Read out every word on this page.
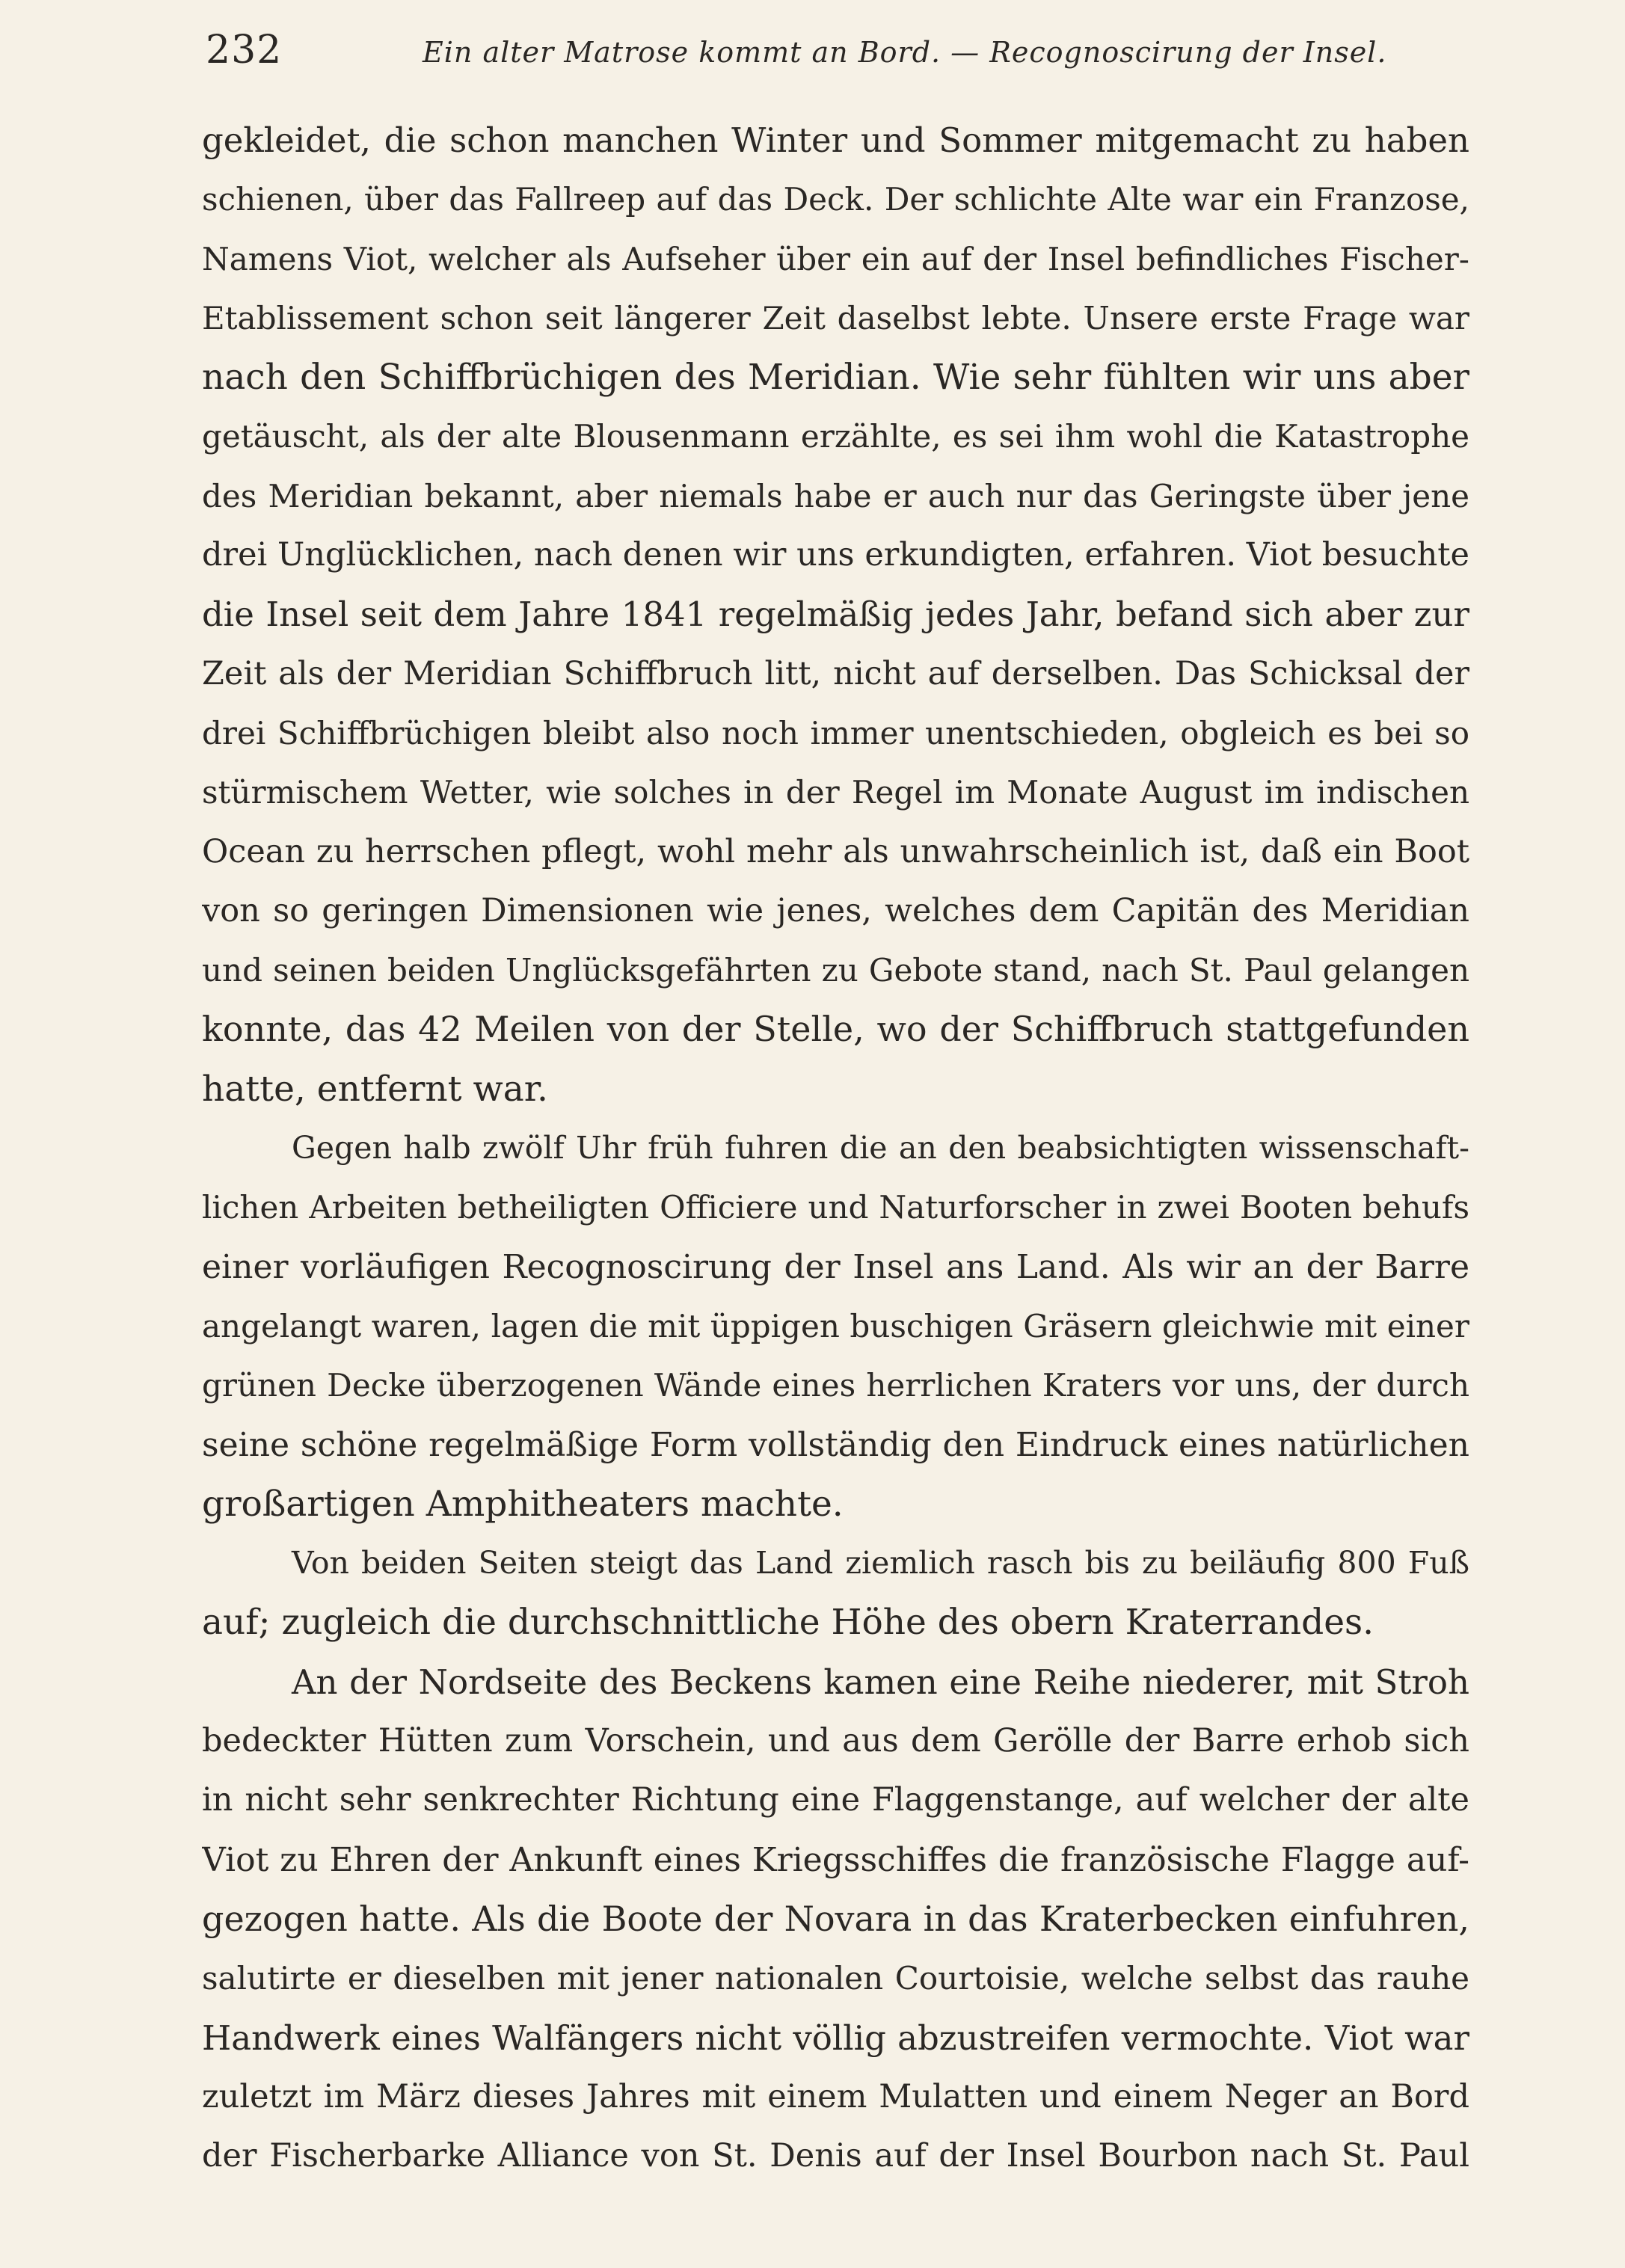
232	Ein alter Matrose kommt an Bord. — Recognoscirung der Insel.
gekleidet, die schon manchen Winter und Sommer mitgemacht zu haben
schienen, über das Fallreep auf das Deck. Der schlichte Alte war ein Franzose,
Namens Viot, welcher als Aufseher über ein auf der Insel befindliches Fischer-
Etablissement schon seit längerer Zeit daselbst lebte. Unsere erste Frage war
nach den Schiffbrüchigen des Meridian. Wie sehr fühlten wir uns aber
getäuscht, als der alte Blousenmann erzählte, es sei ihm wohl die Katastrophe
des Meridian bekannt, aber niemals habe er auch nur das Geringste über jene
drei Unglücklichen, nach denen wir uns erkundigten, erfahren. Viot besuchte
die Insel seit dem Jahre 1841 regelmäßig jedes Jahr, befand sich aber zur
Zeit als der Meridian Schiffbruch litt, nicht auf derselben. Das Schicksal der
drei Schiffbrüchigen bleibt also noch immer unentschieden, obgleich es bei so
stürmischem Wetter, wie solches in der Regel im Monate August im indischen
Ocean zu herrschen pflegt, wohl mehr als unwahrscheinlich ist, daß ein Boot
von so geringen Dimensionen wie jenes, welches dem Capitän des Meridian
und seinen beiden Unglücksgefährten zu Gebote stand, nach St. Paul gelangen
konnte, das 42 Meilen von der Stelle, wo der Schiffbruch stattgefunden
hatte, entfernt war.
Gegen halb zwölf Uhr früh fuhren die an den beabsichtigten wissenschaft-
lichen Arbeiten betheiligten Officiere und Naturforscher in zwei Booten behufs
einer vorläufigen Recognoscirung der Insel ans Land. Als wir an der Barre
angelangt waren, lagen die mit üppigen buschigen Gräsern gleichwie mit einer
grünen Decke überzogenen Wände eines herrlichen Kraters vor uns, der durch
seine schöne regelmäßige Form vollständig den Eindruck eines natürlichen
großartigen Amphitheaters machte.
Von beiden Seiten steigt das Land ziemlich rasch bis zu beiläufig 800 Fuß
auf; zugleich die durchschnittliche Höhe des obern Kraterrandes.
An der Nordseite des Beckens kamen eine Reihe niederer, mit Stroh
bedeckter Hütten zum Vorschein, und aus dem Gerölle der Barre erhob sich
in nicht sehr senkrechter Richtung eine Flaggenstange, auf welcher der alte
Viot zu Ehren der Ankunft eines Kriegsschiffes die französische Flagge auf-
gezogen hatte. Als die Boote der Novara in das Kraterbecken einfuhren,
salutirte er dieselben mit jener nationalen Courtoisie, welche selbst das rauhe
Handwerk eines Walfängers nicht völlig abzustreifen vermochte. Viot war
zuletzt im März dieses Jahres mit einem Mulatten und einem Neger an Bord
der Fischerbarke Alliance von St. Denis auf der Insel Bourbon nach St. Paul
